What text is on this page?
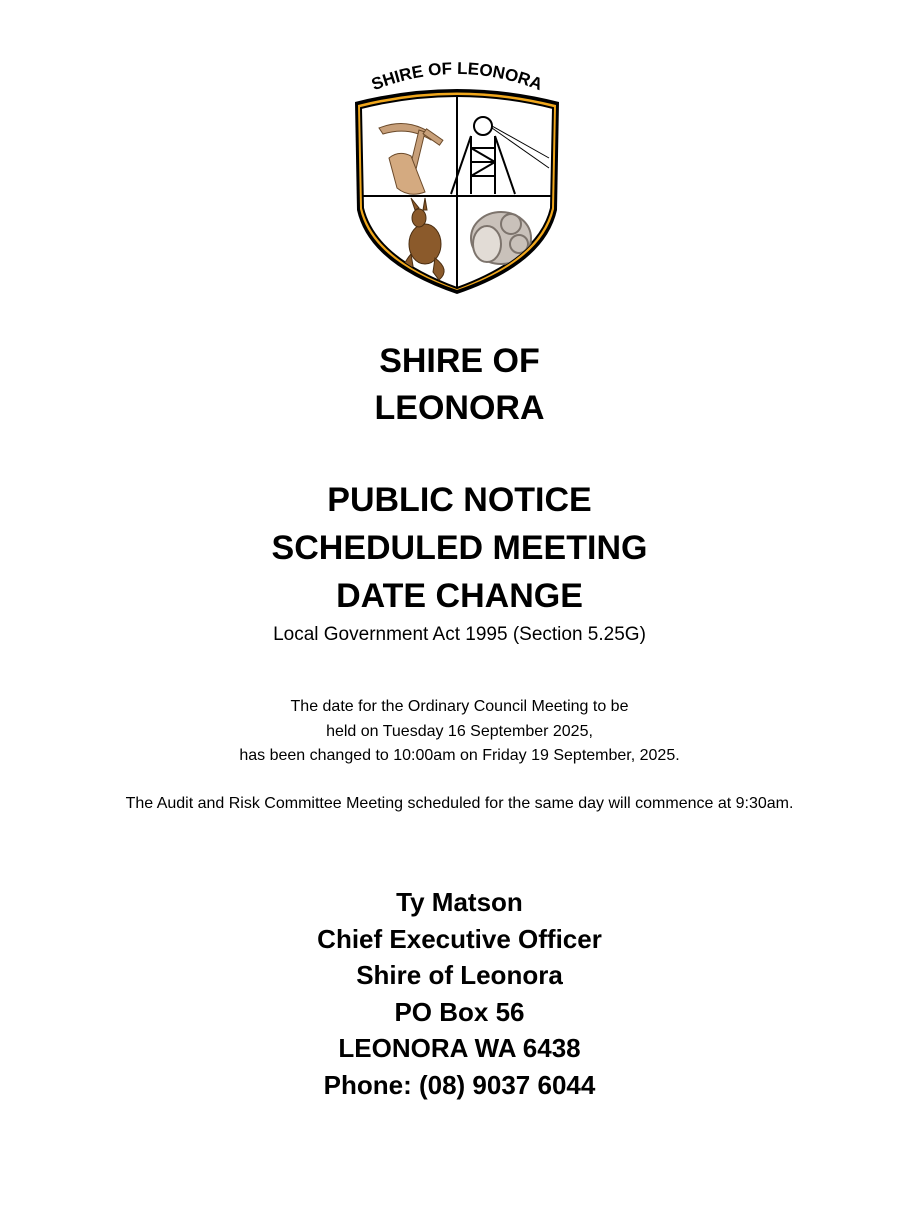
SHIRE OF LEONORA
SHIRE OF
LEONORA
PUBLIC NOTICE
SCHEDULED MEETING
DATE CHANGE

Local Government Act 1995 (Section 5.25G)

The date for the Ordinary Council Meeting to be
held on Tuesday 16 September 2025,
has been changed to 10:00am on Friday 19 September, 2025.

The Audit and Risk Committee Meeting scheduled for the same day will commence at 9:30am.

Ty Matson
Chief Executive Officer
Shire of Leonora
PO Box 56
LEONORA WA 6438
Phone: (08) 9037 6044
